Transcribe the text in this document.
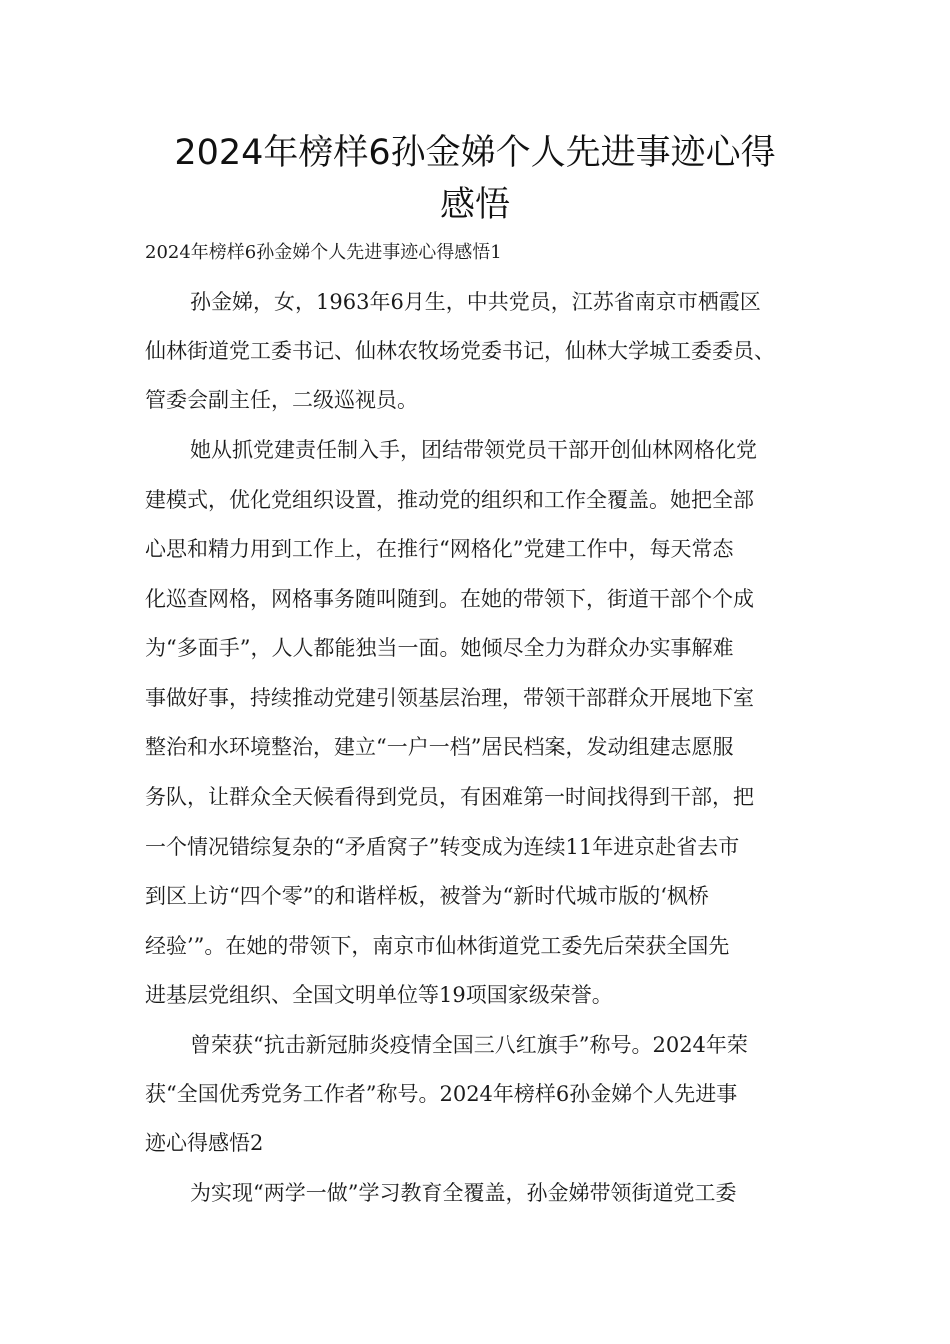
2024年榜样6孙金娣个人先进事迹心得
感悟

2024年榜样6孙金娣个人先进事迹心得感悟1

孙金娣，女，1963年6月生，中共党员，江苏省南京市栖霞区

仙林街道党工委书记、仙林农牧场党委书记，仙林大学城工委委员、

管委会副主任，二级巡视员。

她从抓党建责任制入手，团结带领党员干部开创仙林网格化党

建模式，优化党组织设置，推动党的组织和工作全覆盖。她把全部

心思和精力用到工作上，在推行“网格化”党建工作中，每天常态

化巡查网格，网格事务随叫随到。在她的带领下，街道干部个个成

为“多面手”，人人都能独当一面。她倾尽全力为群众办实事解难

事做好事，持续推动党建引领基层治理，带领干部群众开展地下室

整治和水环境整治，建立“一户一档”居民档案，发动组建志愿服

务队，让群众全天候看得到党员，有困难第一时间找得到干部，把

一个情况错综复杂的“矛盾窝子”转变成为连续11年进京赴省去市

到区上访“四个零”的和谐样板，被誉为“新时代城市版的‘枫桥

经验’”。在她的带领下，南京市仙林街道党工委先后荣获全国先

进基层党组织、全国文明单位等19项国家级荣誉。

曾荣获“抗击新冠肺炎疫情全国三八红旗手”称号。2024年荣

获“全国优秀党务工作者”称号。2024年榜样6孙金娣个人先进事

迹心得感悟2

为实现“两学一做”学习教育全覆盖，孙金娣带领街道党工委
